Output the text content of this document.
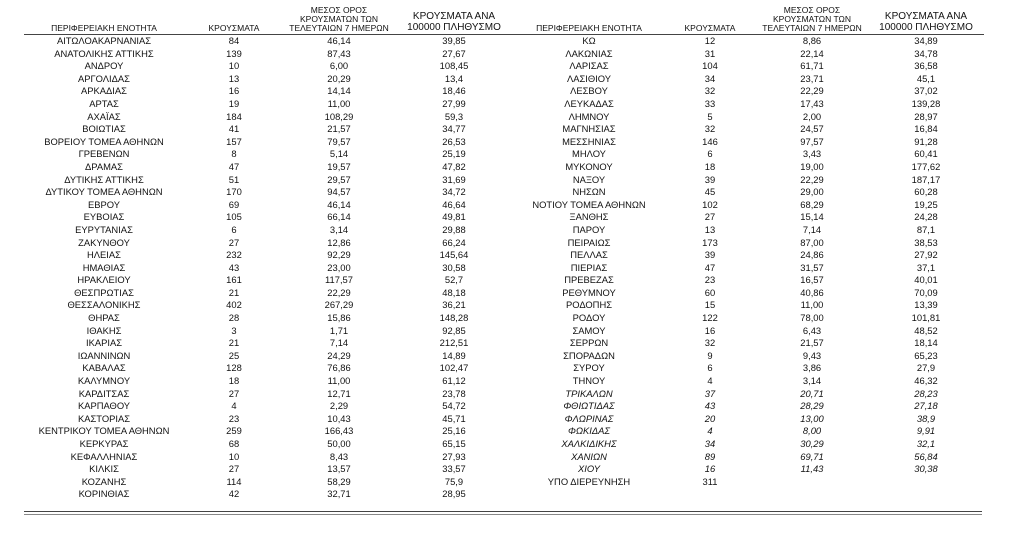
ΠΕΡΙΦΕΡΕΙΑΚΗ ΕΝΟΤΗΤΑ	ΚΡΟΥΣΜΑΤΑ	ΜΕΣΟΣ ΟΡΟΣ ΚΡΟΥΣΜΑΤΩΝ ΤΩΝ ΤΕΛΕΥΤΑΙΩΝ 7 ΗΜΕΡΩΝ	ΚΡΟΥΣΜΑΤΑ ΑΝΑ 100000 ΠΛΗΘΥΣΜΟ
ΑΙΤΩΛΟΑΚΑΡΝΑΝΙΑΣ	84	46,14	39,85
ΑΝΑΤΟΛΙΚΗΣ ΑΤΤΙΚΗΣ	139	87,43	27,67
ΑΝΔΡΟΥ	10	6,00	108,45
ΑΡΓΟΛΙΔΑΣ	13	20,29	13,4
ΑΡΚΑΔΙΑΣ	16	14,14	18,46
ΑΡΤΑΣ	19	11,00	27,99
ΑΧΑΪΑΣ	184	108,29	59,3
ΒΟΙΩΤΙΑΣ	41	21,57	34,77
ΒΟΡΕΙΟΥ ΤΟΜΕΑ ΑΘΗΝΩΝ	157	79,57	26,53
ΓΡΕΒΕΝΩΝ	8	5,14	25,19
ΔΡΑΜΑΣ	47	19,57	47,82
ΔΥΤΙΚΗΣ ΑΤΤΙΚΗΣ	51	29,57	31,69
ΔΥΤΙΚΟΥ ΤΟΜΕΑ ΑΘΗΝΩΝ	170	94,57	34,72
ΕΒΡΟΥ	69	46,14	46,64
ΕΥΒΟΙΑΣ	105	66,14	49,81
ΕΥΡΥΤΑΝΙΑΣ	6	3,14	29,88
ΖΑΚΥΝΘΟΥ	27	12,86	66,24
ΗΛΕΙΑΣ	232	92,29	145,64
ΗΜΑΘΙΑΣ	43	23,00	30,58
ΗΡΑΚΛΕΙΟΥ	161	117,57	52,7
ΘΕΣΠΡΩΤΙΑΣ	21	22,29	48,18
ΘΕΣΣΑΛΟΝΙΚΗΣ	402	267,29	36,21
ΘΗΡΑΣ	28	15,86	148,28
ΙΘΑΚΗΣ	3	1,71	92,85
ΙΚΑΡΙΑΣ	21	7,14	212,51
ΙΩΑΝΝΙΝΩΝ	25	24,29	14,89
ΚΑΒΑΛΑΣ	128	76,86	102,47
ΚΑΛΥΜΝΟΥ	18	11,00	61,12
ΚΑΡΔΙΤΣΑΣ	27	12,71	23,78
ΚΑΡΠΑΘΟΥ	4	2,29	54,72
ΚΑΣΤΟΡΙΑΣ	23	10,43	45,71
ΚΕΝΤΡΙΚΟΥ ΤΟΜΕΑ ΑΘΗΝΩΝ	259	166,43	25,16
ΚΕΡΚΥΡΑΣ	68	50,00	65,15
ΚΕΦΑΛΛΗΝΙΑΣ	10	8,43	27,93
ΚΙΛΚΙΣ	27	13,57	33,57
ΚΟΖΑΝΗΣ	114	58,29	75,9
ΚΟΡΙΝΘΙΑΣ	42	32,71	28,95
ΠΕΡΙΦΕΡΕΙΑΚΗ ΕΝΟΤΗΤΑ	ΚΡΟΥΣΜΑΤΑ	ΜΕΣΟΣ ΟΡΟΣ ΚΡΟΥΣΜΑΤΩΝ ΤΩΝ ΤΕΛΕΥΤΑΙΩΝ 7 ΗΜΕΡΩΝ	ΚΡΟΥΣΜΑΤΑ ΑΝΑ 100000 ΠΛΗΘΥΣΜΟ
ΚΩ	12	8,86	34,89
ΛΑΚΩΝΙΑΣ	31	22,14	34,78
ΛΑΡΙΣΑΣ	104	61,71	36,58
ΛΑΣΙΘΙΟΥ	34	23,71	45,1
ΛΕΣΒΟΥ	32	22,29	37,02
ΛΕΥΚΑΔΑΣ	33	17,43	139,28
ΛΗΜΝΟΥ	5	2,00	28,97
ΜΑΓΝΗΣΙΑΣ	32	24,57	16,84
ΜΕΣΣΗΝΙΑΣ	146	97,57	91,28
ΜΗΛΟΥ	6	3,43	60,41
ΜΥΚΟΝΟΥ	18	19,00	177,62
ΝΑΞΟΥ	39	22,29	187,17
ΝΗΣΩΝ	45	29,00	60,28
ΝΟΤΙΟΥ ΤΟΜΕΑ ΑΘΗΝΩΝ	102	68,29	19,25
ΞΑΝΘΗΣ	27	15,14	24,28
ΠΑΡΟΥ	13	7,14	87,1
ΠΕΙΡΑΙΩΣ	173	87,00	38,53
ΠΕΛΛΑΣ	39	24,86	27,92
ΠΙΕΡΙΑΣ	47	31,57	37,1
ΠΡΕΒΕΖΑΣ	23	16,57	40,01
ΡΕΘΥΜΝΟΥ	60	40,86	70,09
ΡΟΔΟΠΗΣ	15	11,00	13,39
ΡΟΔΟΥ	122	78,00	101,81
ΣΑΜΟΥ	16	6,43	48,52
ΣΕΡΡΩΝ	32	21,57	18,14
ΣΠΟΡΑΔΩΝ	9	9,43	65,23
ΣΥΡΟΥ	6	3,86	27,9
ΤΗΝΟΥ	4	3,14	46,32
ΤΡΙΚΑΛΩΝ	37	20,71	28,23
ΦΘΙΩΤΙΔΑΣ	43	28,29	27,18
ΦΛΩΡΙΝΑΣ	20	13,00	38,9
ΦΩΚΙΔΑΣ	4	8,00	9,91
ΧΑΛΚΙΔΙΚΗΣ	34	30,29	32,1
ΧΑΝΙΩΝ	89	69,71	56,84
ΧΙΟΥ	16	11,43	30,38
ΥΠΟ ΔΙΕΡΕΥΝΗΣΗ	311		
